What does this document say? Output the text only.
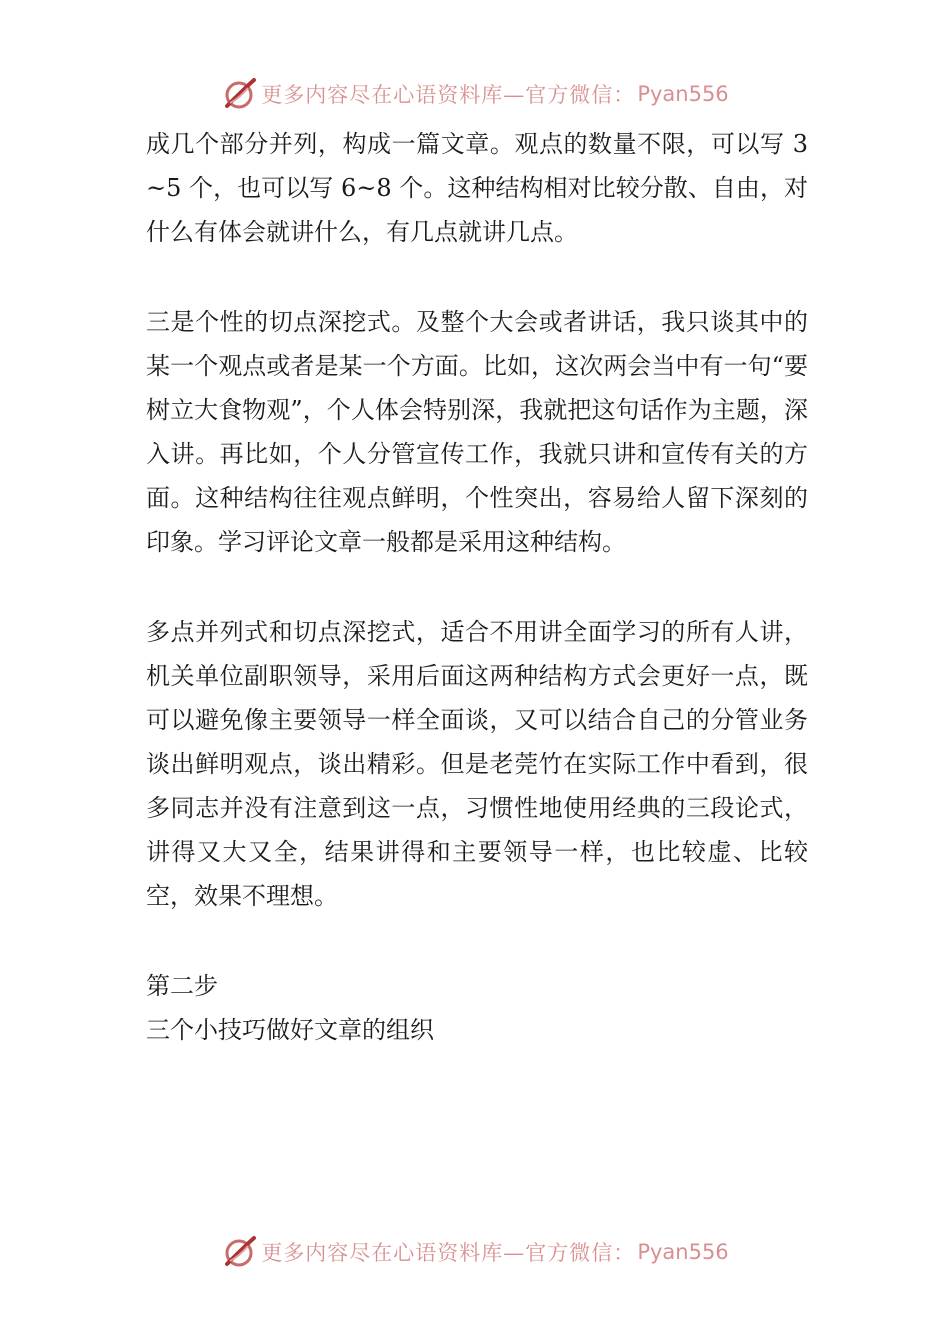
更多内容尽在心语资料库—官方微信： Pyan556

成几个部分并列，构成一篇文章。观点的数量不限，可以写 3~5 个，也可以写 6~8 个。这种结构相对比较分散、自由，对什么有体会就讲什么，有几点就讲几点。

三是个性的切点深挖式。及整个大会或者讲话，我只谈其中的某一个观点或者是某一个方面。比如，这次两会当中有一句“要树立大食物观”，个人体会特别深，我就把这句话作为主题，深入讲。再比如，个人分管宣传工作，我就只讲和宣传有关的方面。这种结构往往观点鲜明，个性突出，容易给人留下深刻的印象。学习评论文章一般都是采用这种结构。

多点并列式和切点深挖式，适合不用讲全面学习的所有人讲，机关单位副职领导，采用后面这两种结构方式会更好一点，既可以避免像主要领导一样全面谈，又可以结合自己的分管业务谈出鲜明观点，谈出精彩。但是老莞竹在实际工作中看到，很多同志并没有注意到这一点，习惯性地使用经典的三段论式，讲得又大又全，结果讲得和主要领导一样，也比较虚、比较空，效果不理想。

第二步

三个小技巧做好文章的组织

更多内容尽在心语资料库—官方微信： Pyan556
